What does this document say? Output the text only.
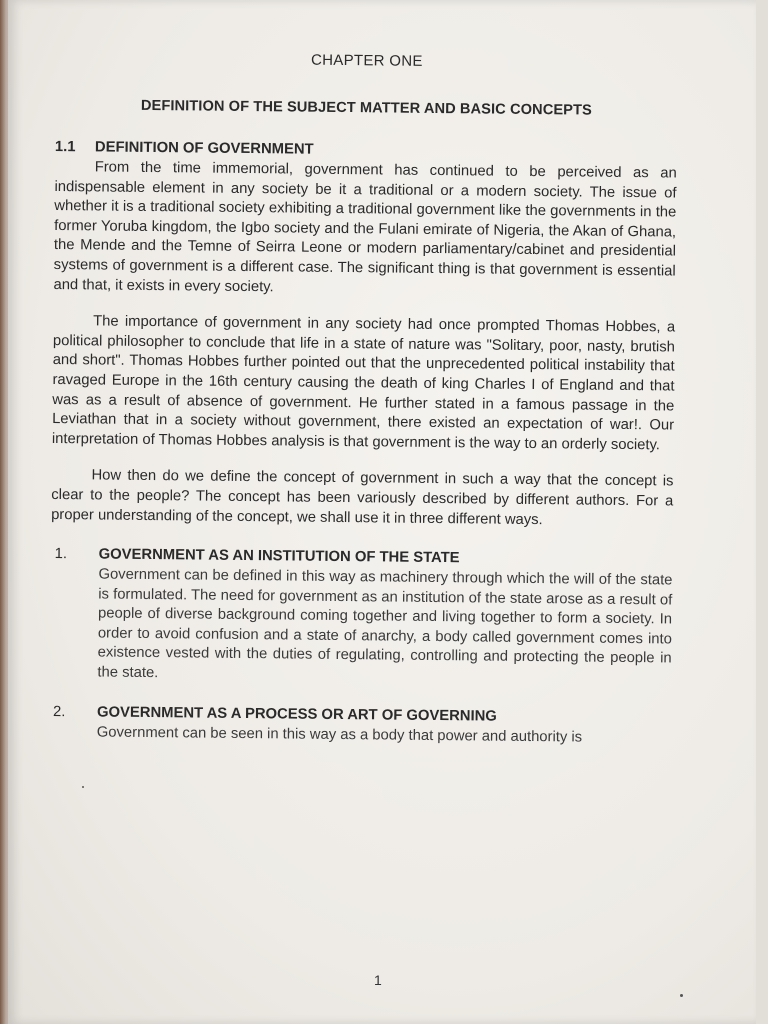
CHAPTER ONE
DEFINITION OF THE SUBJECT MATTER AND BASIC CONCEPTS
1.1	DEFINITION OF GOVERNMENT

From the time immemorial, government has continued to be perceived as an indispensable element in any society be it a traditional or a modern society. The issue of whether it is a traditional society exhibiting a traditional government like the governments in the former Yoruba kingdom, the Igbo society and the Fulani emirate of Nigeria, the Akan of Ghana, the Mende and the Temne of Seirra Leone or modern parliamentary/cabinet and presidential systems of government is a different case. The significant thing is that government is essential and that, it exists in every society.

The importance of government in any society had once prompted Thomas Hobbes, a political philosopher to conclude that life in a state of nature was "Solitary, poor, nasty, brutish and short". Thomas Hobbes further pointed out that the unprecedented political instability that ravaged Europe in the 16th century causing the death of king Charles I of England and that was as a result of absence of government. He further stated in a famous passage in the Leviathan that in a society without government, there existed an expectation of war!. Our interpretation of Thomas Hobbes analysis is that government is the way to an orderly society.

How then do we define the concept of government in such a way that the concept is clear to the people? The concept has been variously described by different authors. For a proper understanding of the concept, we shall use it in three different ways.

1.	GOVERNMENT AS AN INSTITUTION OF THE STATE

Government can be defined in this way as machinery through which the will of the state is formulated. The need for government as an institution of the state arose as a result of people of diverse background coming together and living together to form a society. In order to avoid confusion and a state of anarchy, a body called government comes into existence vested with the duties of regulating, controlling and protecting the people in the state.

2.	GOVERNMENT AS A PROCESS OR ART OF GOVERNING

Government can be seen in this way as a body that power and authority is

1
